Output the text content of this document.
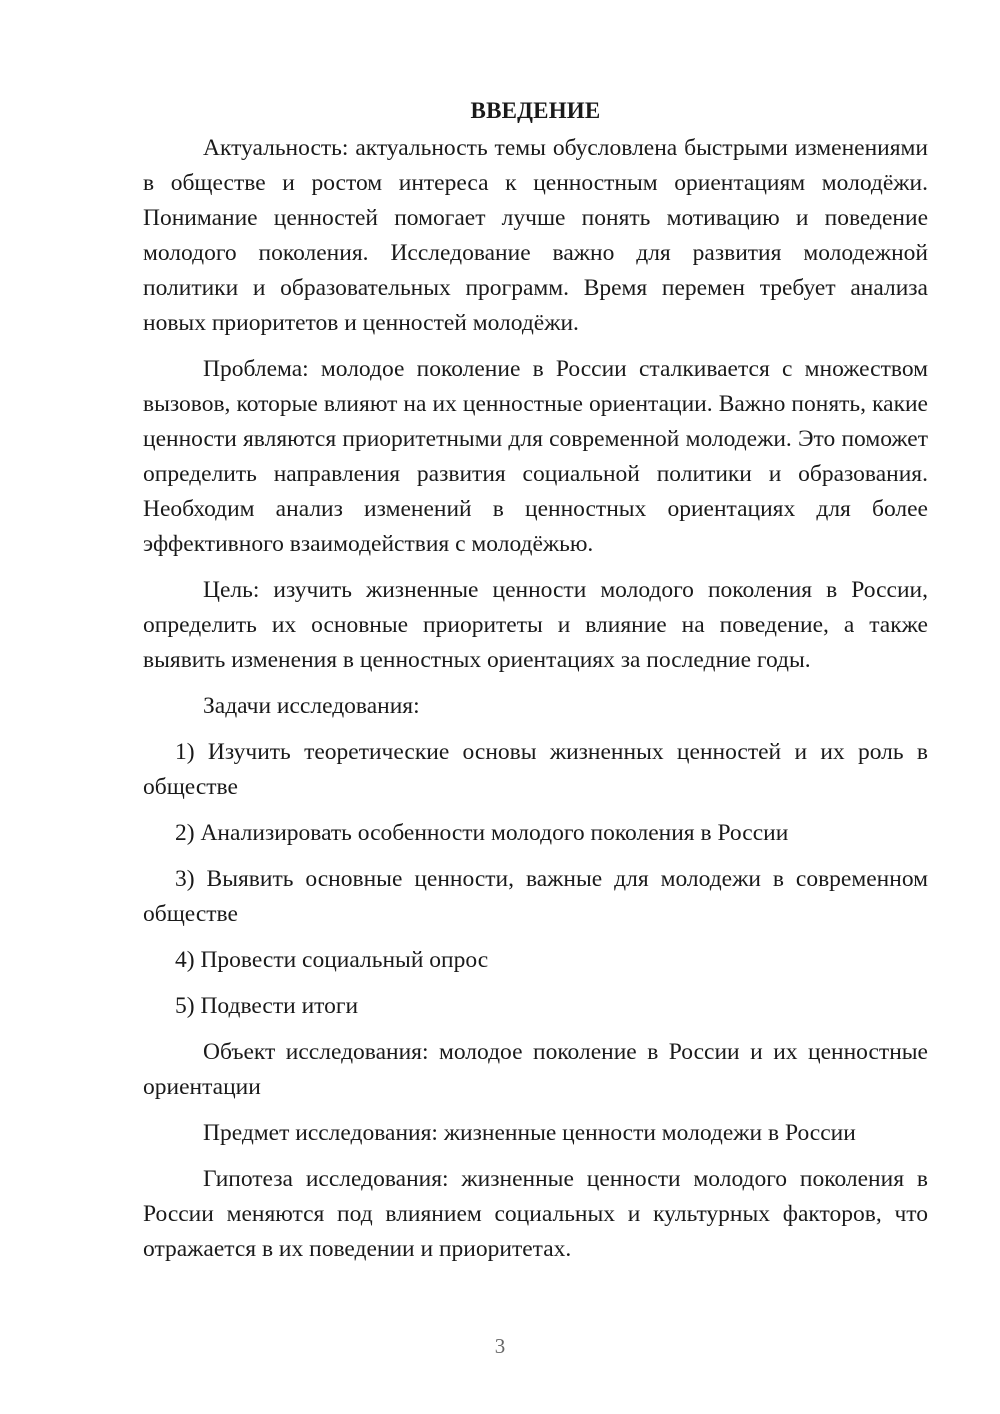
ВВЕДЕНИЕ

Актуальность: актуальность темы обусловлена быстрыми изменениями в обществе и ростом интереса к ценностным ориентациям молодёжи. Понимание ценностей помогает лучше понять мотивацию и поведение молодого поколения. Исследование важно для развития молодежной политики и образовательных программ. Время перемен требует анализа новых приоритетов и ценностей молодёжи.

Проблема: молодое поколение в России сталкивается с множеством вызовов, которые влияют на их ценностные ориентации. Важно понять, какие ценности являются приоритетными для современной молодежи. Это поможет определить направления развития социальной политики и образования. Необходим анализ изменений в ценностных ориентациях для более эффективного взаимодействия с молодёжью.

Цель: изучить жизненные ценности молодого поколения в России, определить их основные приоритеты и влияние на поведение, а также выявить изменения в ценностных ориентациях за последние годы.

Задачи исследования:

1) Изучить теоретические основы жизненных ценностей и их роль в обществе

2) Анализировать особенности молодого поколения в России

3) Выявить основные ценности, важные для молодежи в современном обществе

4) Провести социальный опрос

5) Подвести итоги

Объект исследования: молодое поколение в России и их ценностные ориентации

Предмет исследования: жизненные ценности молодежи в России

Гипотеза исследования: жизненные ценности молодого поколения в России меняются под влиянием социальных и культурных факторов, что отражается в их поведении и приоритетах.

3
